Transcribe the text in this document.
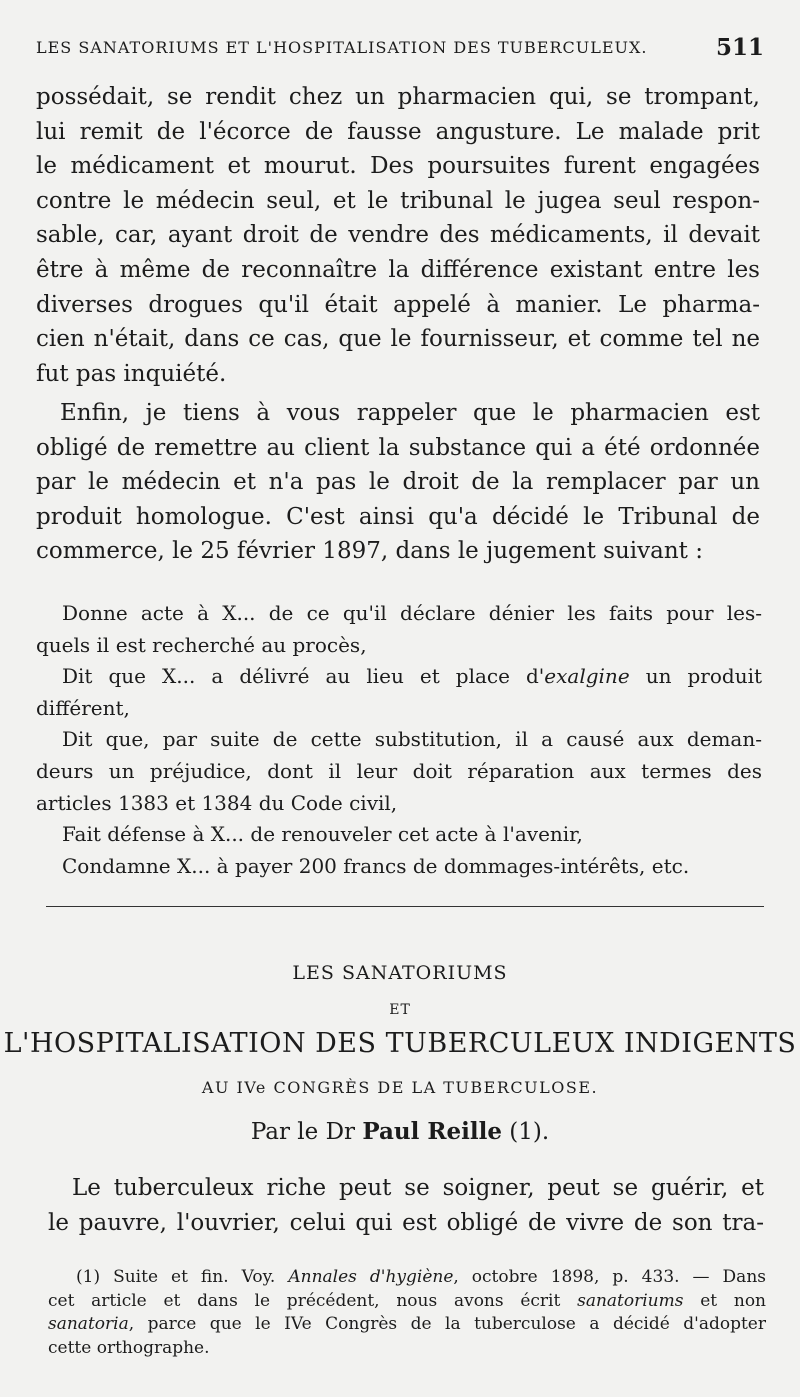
LES SANATORIUMS ET L'HOSPITALISATION DES TUBERCULEUX.	511
possédait, se rendit chez un pharmacien qui, se trompant,
lui remit de l'écorce de fausse angusture. Le malade prit
le médicament et mourut. Des poursuites furent engagées
contre le médecin seul, et le tribunal le jugea seul respon-
sable, car, ayant droit de vendre des médicaments, il devait
être à même de reconnaître la différence existant entre les
diverses drogues qu'il était appelé à manier. Le pharma-
cien n'était, dans ce cas, que le fournisseur, et comme tel ne
fut pas inquiété.
Enfin, je tiens à vous rappeler que le pharmacien est
obligé de remettre au client la substance qui a été ordonnée
par le médecin et n'a pas le droit de la remplacer par un
produit homologue. C'est ainsi qu'a décidé le Tribunal de
commerce, le 25 février 1897, dans le jugement suivant :
Donne acte à X... de ce qu'il déclare dénier les faits pour les-
quels il est recherché au procès,
Dit que X... a délivré au lieu et place d'exalgine un produit
différent,
Dit que, par suite de cette substitution, il a causé aux deman-
deurs un préjudice, dont il leur doit réparation aux termes des
articles 1383 et 1384 du Code civil,
Fait défense à X... de renouveler cet acte à l'avenir,
Condamne X... à payer 200 francs de dommages-intérêts, etc.
LES SANATORIUMS
ET
L'HOSPITALISATION DES TUBERCULEUX INDIGENTS
AU IVe CONGRÈS DE LA TUBERCULOSE.
Par le Dr Paul Reille (1).
Le tuberculeux riche peut se soigner, peut se guérir, et
le pauvre, l'ouvrier, celui qui est obligé de vivre de son tra-
(1) Suite et fin. Voy. Annales d'hygiène, octobre 1898, p. 433. — Dans
cet article et dans le précédent, nous avons écrit sanatoriums et non
sanatoria, parce que le IVe Congrès de la tuberculose a décidé d'adopter
cette orthographe.
